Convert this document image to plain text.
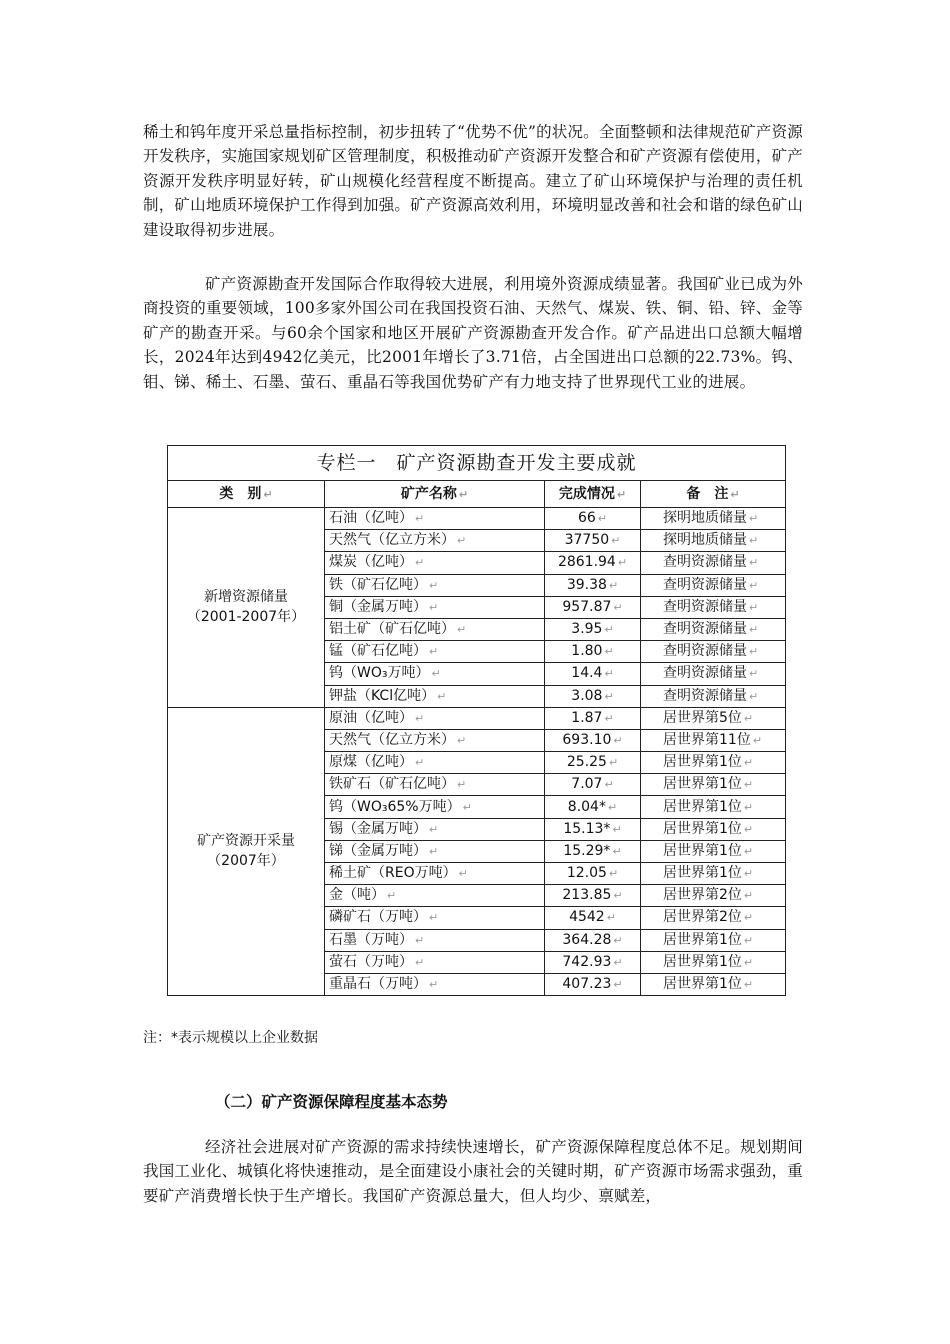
稀土和钨年度开采总量指标控制，初步扭转了“优势不优”的状况。全面整顿和法律规范矿产资源开发秩序，实施国家规划矿区管理制度，积极推动矿产资源开发整合和矿产资源有偿使用，矿产资源开发秩序明显好转，矿山规模化经营程度不断提高。建立了矿山环境保护与治理的责任机制，矿山地质环境保护工作得到加强。矿产资源高效利用，环境明显改善和社会和谐的绿色矿山建设取得初步进展。

矿产资源勘查开发国际合作取得较大进展，利用境外资源成绩显著。我国矿业已成为外商投资的重要领域，100多家外国公司在我国投资石油、天然气、煤炭、铁、铜、铅、锌、金等矿产的勘查开采。与60余个国家和地区开展矿产资源勘查开发合作。矿产品进出口总额大幅增长，2024年达到4942亿美元，比2001年增长了3.71倍，占全国进出口总额的22.73%。钨、钼、锑、稀土、石墨、萤石、重晶石等我国优势矿产有力地支持了世界现代工业的进展。

专栏一　矿产资源勘查开发主要成就			
类　别 ↵	矿产名称 ↵	完成情况 ↵	备　注 ↵

新增资源储量
（2001-2007年）	石油（亿吨） ↵	66 ↵	探明地质储量 ↵
	天然气（亿立方米） ↵	37750 ↵	探明地质储量 ↵
	煤炭（亿吨） ↵	2861.94 ↵	查明资源储量 ↵
	铁（矿石亿吨） ↵	39.38 ↵	查明资源储量 ↵
	铜（金属万吨） ↵	957.87 ↵	查明资源储量 ↵
	铝土矿（矿石亿吨） ↵	3.95 ↵	查明资源储量 ↵
	锰（矿石亿吨） ↵	1.80 ↵	查明资源储量 ↵
	钨（WO₃万吨） ↵	14.4 ↵	查明资源储量 ↵
	钾盐（KCl亿吨） ↵	3.08 ↵	查明资源储量 ↵

矿产资源开采量
（2007年）	原油（亿吨） ↵	1.87 ↵	居世界第5位 ↵
	天然气（亿立方米） ↵	693.10 ↵	居世界第11位 ↵
	原煤（亿吨） ↵	25.25 ↵	居世界第1位 ↵
	铁矿石（矿石亿吨） ↵	7.07 ↵	居世界第1位 ↵
	钨（WO₃65%万吨） ↵	8.04* ↵	居世界第1位 ↵
	锡（金属万吨） ↵	15.13* ↵	居世界第1位 ↵
	锑（金属万吨） ↵	15.29* ↵	居世界第1位 ↵
	稀土矿（REO万吨） ↵	12.05 ↵	居世界第1位 ↵
	金（吨） ↵	213.85 ↵	居世界第2位 ↵
	磷矿石（万吨） ↵	4542 ↵	居世界第2位 ↵
	石墨（万吨） ↵	364.28 ↵	居世界第1位 ↵
	萤石（万吨） ↵	742.93 ↵	居世界第1位 ↵
	重晶石（万吨） ↵	407.23 ↵	居世界第1位 ↵

注：*表示规模以上企业数据

（二）矿产资源保障程度基本态势

经济社会进展对矿产资源的需求持续快速增长，矿产资源保障程度总体不足。规划期间我国工业化、城镇化将快速推动，是全面建设小康社会的关键时期，矿产资源市场需求强劲，重要矿产消费增长快于生产增长。我国矿产资源总量大，但人均少、禀赋差，
